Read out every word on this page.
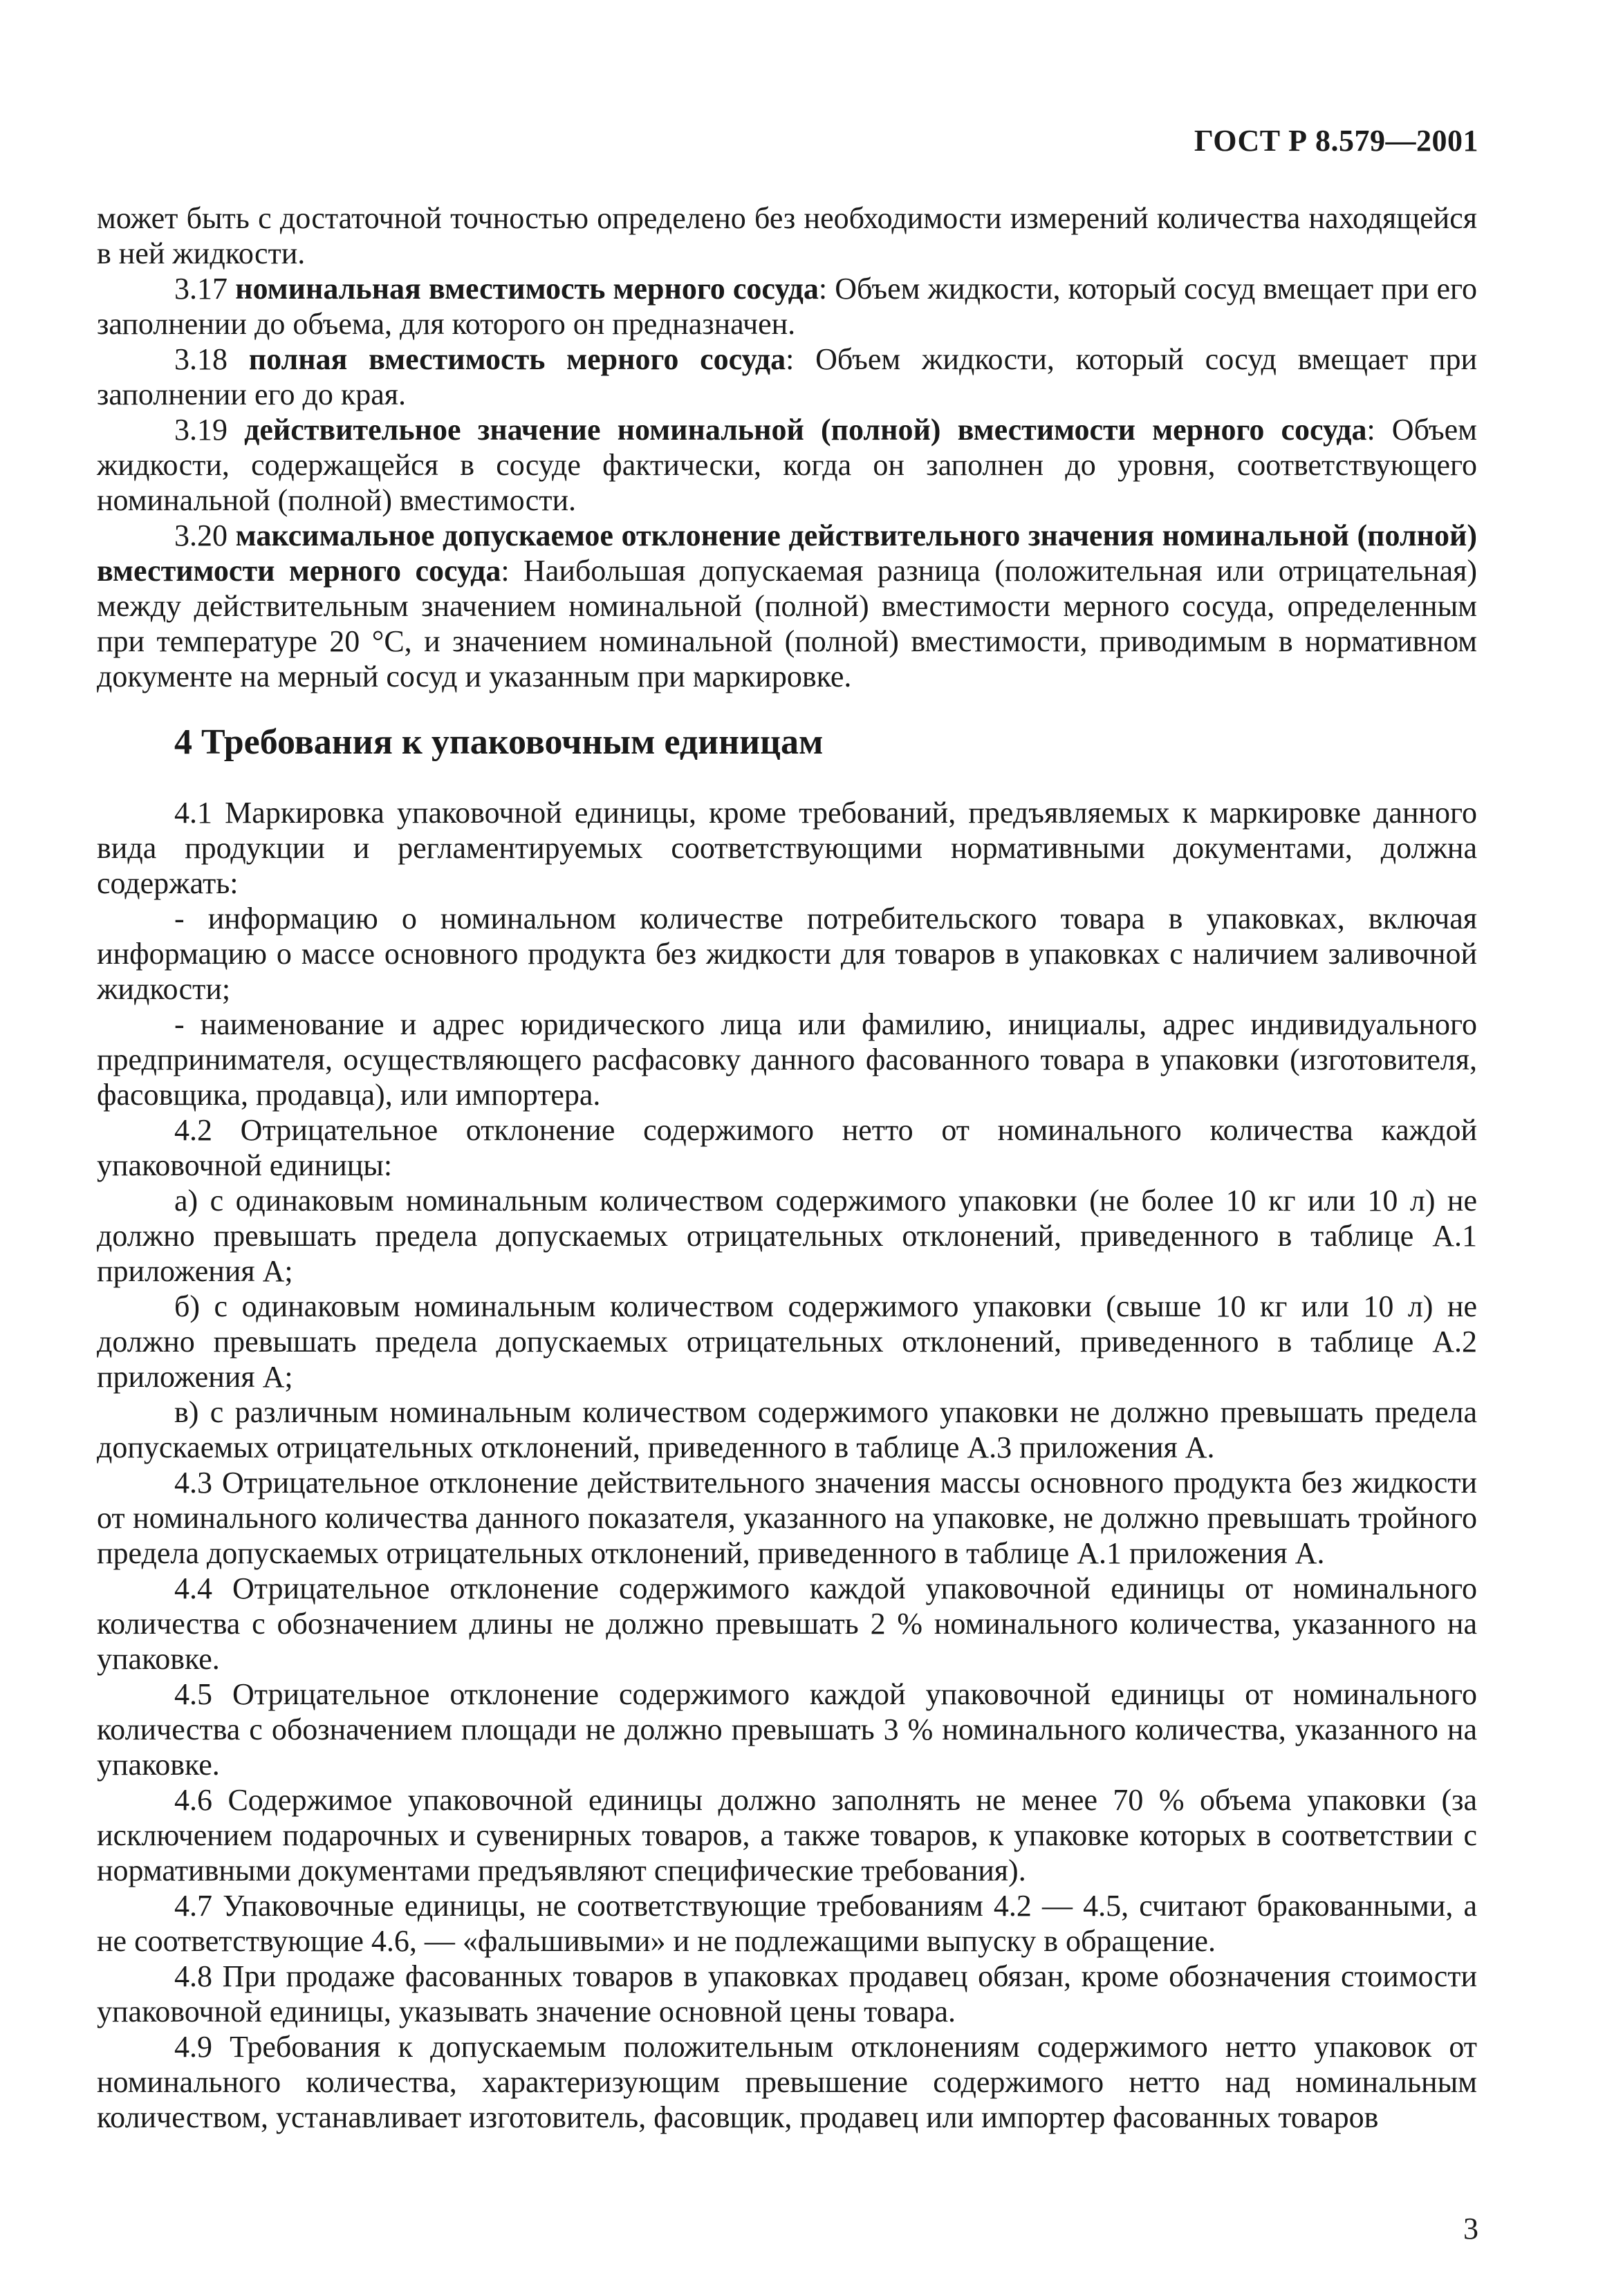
ГОСТ Р 8.579—2001

может быть с достаточной точностью определено без необходимости измерений количества находящейся в ней жидкости.

3.17 номинальная вместимость мерного сосуда: Объем жидкости, который сосуд вмещает при его заполнении до объема, для которого он предназначен.

3.18 полная вместимость мерного сосуда: Объем жидкости, который сосуд вмещает при заполнении его до края.

3.19 действительное значение номинальной (полной) вместимости мерного сосуда: Объем жидкости, содержащейся в сосуде фактически, когда он заполнен до уровня, соответствующего номинальной (полной) вместимости.

3.20 максимальное допускаемое отклонение действительного значения номинальной (полной) вместимости мерного сосуда: Наибольшая допускаемая разница (положительная или отрицательная) между действительным значением номинальной (полной) вместимости мерного сосуда, определенным при температуре 20 °С, и значением номинальной (полной) вместимости, приводимым в нормативном документе на мерный сосуд и указанным при маркировке.

4 Требования к упаковочным единицам

4.1 Маркировка упаковочной единицы, кроме требований, предъявляемых к маркировке данного вида продукции и регламентируемых соответствующими нормативными документами, должна содержать:

- информацию о номинальном количестве потребительского товара в упаковках, включая информацию о массе основного продукта без жидкости для товаров в упаковках с наличием заливочной жидкости;

- наименование и адрес юридического лица или фамилию, инициалы, адрес индивидуального предпринимателя, осуществляющего расфасовку данного фасованного товара в упаковки (изготовителя, фасовщика, продавца), или импортера.

4.2 Отрицательное отклонение содержимого нетто от номинального количества каждой упаковочной единицы:

а) с одинаковым номинальным количеством содержимого упаковки (не более 10 кг или 10 л) не должно превышать предела допускаемых отрицательных отклонений, приведенного в таблице А.1 приложения А;

б) с одинаковым номинальным количеством содержимого упаковки (свыше 10 кг или 10 л) не должно превышать предела допускаемых отрицательных отклонений, приведенного в таблице А.2 приложения А;

в) с различным номинальным количеством содержимого упаковки не должно превышать предела допускаемых отрицательных отклонений, приведенного в таблице А.3 приложения А.

4.3 Отрицательное отклонение действительного значения массы основного продукта без жидкости от номинального количества данного показателя, указанного на упаковке, не должно превышать тройного предела допускаемых отрицательных отклонений, приведенного в таблице А.1 приложения А.

4.4 Отрицательное отклонение содержимого каждой упаковочной единицы от номинального количества с обозначением длины не должно превышать 2 % номинального количества, указанного на упаковке.

4.5 Отрицательное отклонение содержимого каждой упаковочной единицы от номинального количества с обозначением площади не должно превышать 3 % номинального количества, указанного на упаковке.

4.6 Содержимое упаковочной единицы должно заполнять не менее 70 % объема упаковки (за исключением подарочных и сувенирных товаров, а также товаров, к упаковке которых в соответствии с нормативными документами предъявляют специфические требования).

4.7 Упаковочные единицы, не соответствующие требованиям 4.2 — 4.5, считают бракованными, а не соответствующие 4.6, — «фальшивыми» и не подлежащими выпуску в обращение.

4.8 При продаже фасованных товаров в упаковках продавец обязан, кроме обозначения стоимости упаковочной единицы, указывать значение основной цены товара.

4.9 Требования к допускаемым положительным отклонениям содержимого нетто упаковок от номинального количества, характеризующим превышение содержимого нетто над номинальным количеством, устанавливает изготовитель, фасовщик, продавец или импортер фасованных товаров

3
